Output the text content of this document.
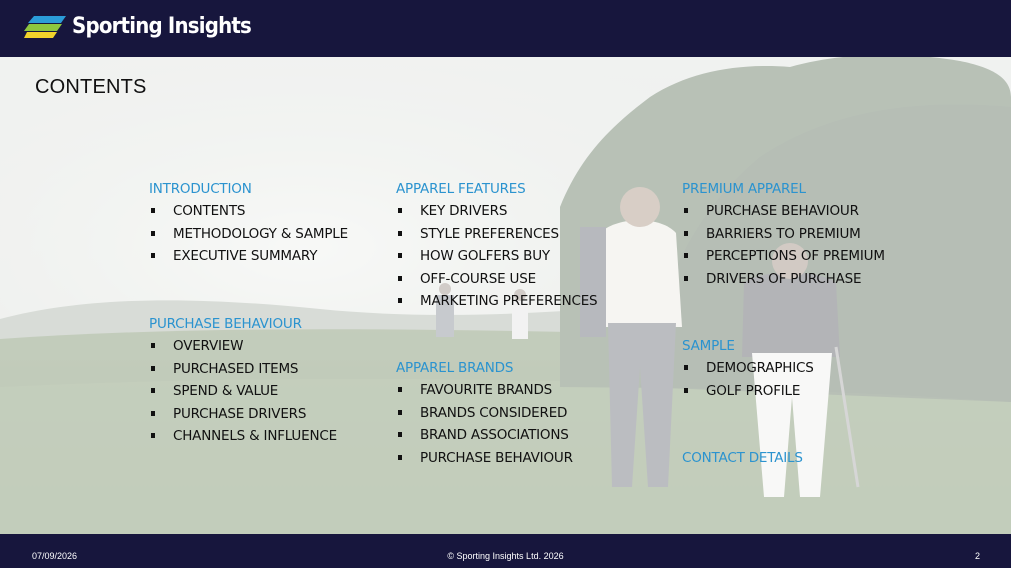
Sporting Insights
CONTENTS
INTRODUCTION
CONTENTS
METHODOLOGY & SAMPLE
EXECUTIVE SUMMARY
PURCHASE BEHAVIOUR
OVERVIEW
PURCHASED ITEMS
SPEND & VALUE
PURCHASE DRIVERS
CHANNELS & INFLUENCE
APPAREL FEATURES
KEY DRIVERS
STYLE PREFERENCES
HOW GOLFERS BUY
OFF-COURSE USE
MARKETING PREFERENCES
APPAREL BRANDS
FAVOURITE BRANDS
BRANDS CONSIDERED
BRAND ASSOCIATIONS
PURCHASE BEHAVIOUR
PREMIUM APPAREL
PURCHASE BEHAVIOUR
BARRIERS TO PREMIUM
PERCEPTIONS OF PREMIUM
DRIVERS OF PURCHASE
SAMPLE
DEMOGRAPHICS
GOLF PROFILE
CONTACT DETAILS
07/09/2026	© Sporting Insights Ltd. 2026	2
